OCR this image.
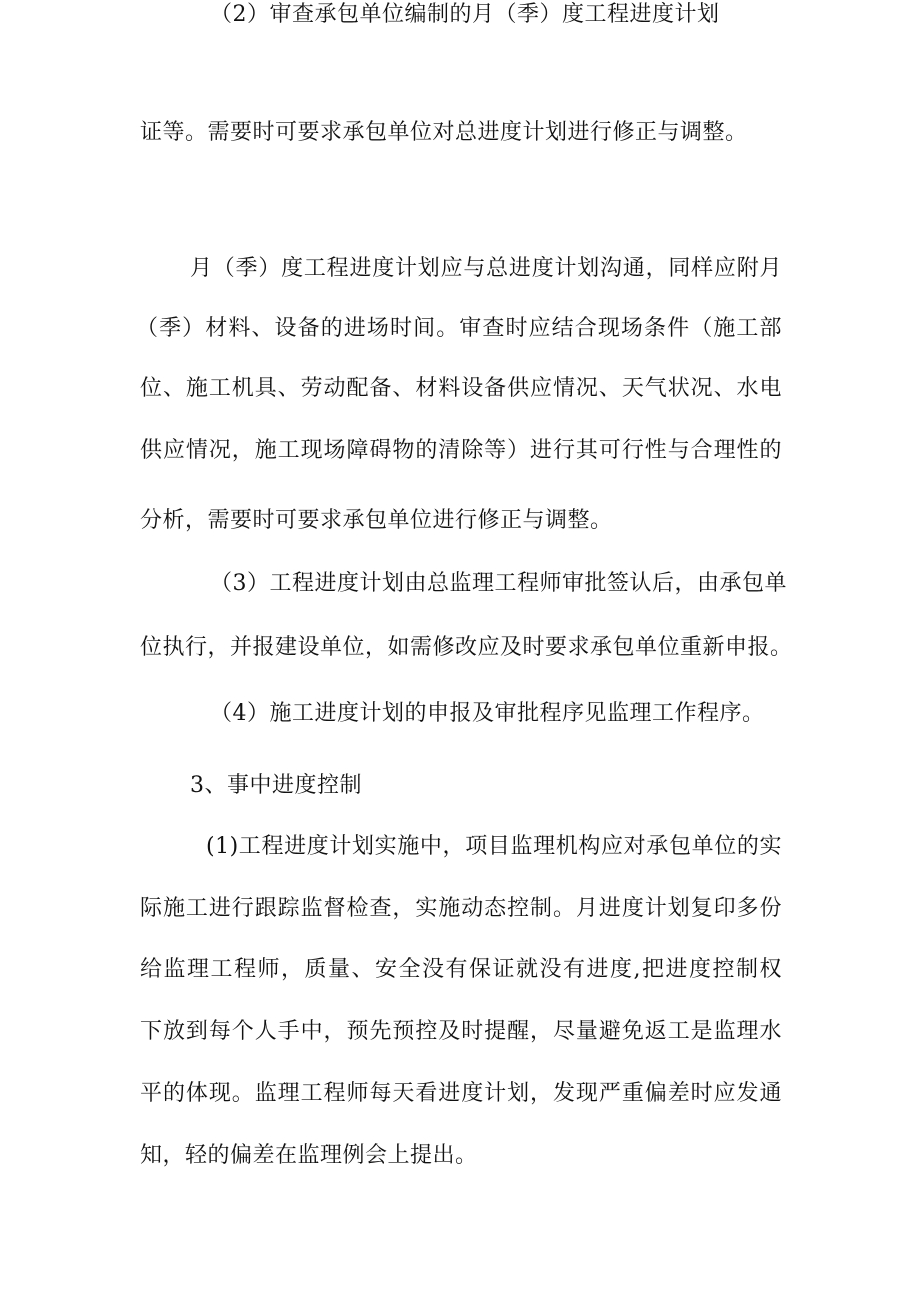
证等。需要时可要求承包单位对总进度计划进行修正与调整。
（2）审查承包单位编制的月（季）度工程进度计划
月（季）度工程进度计划应与总进度计划沟通，同样应附月
（季）材料、设备的进场时间。审查时应结合现场条件（施工部
位、施工机具、劳动配备、材料设备供应情况、天气状况、水电
供应情况，施工现场障碍物的清除等）进行其可行性与合理性的
分析，需要时可要求承包单位进行修正与调整。
（3）工程进度计划由总监理工程师审批签认后，由承包单
位执行，并报建设单位，如需修改应及时要求承包单位重新申报。
（4）施工进度计划的申报及审批程序见监理工作程序。
3、事中进度控制
(1)工程进度计划实施中，项目监理机构应对承包单位的实
际施工进行跟踪监督检查，实施动态控制。月进度计划复印多份
给监理工程师，质量、安全没有保证就没有进度,把进度控制权
下放到每个人手中，预先预控及时提醒，尽量避免返工是监理水
平的体现。监理工程师每天看进度计划，发现严重偏差时应发通
知，轻的偏差在监理例会上提出。
